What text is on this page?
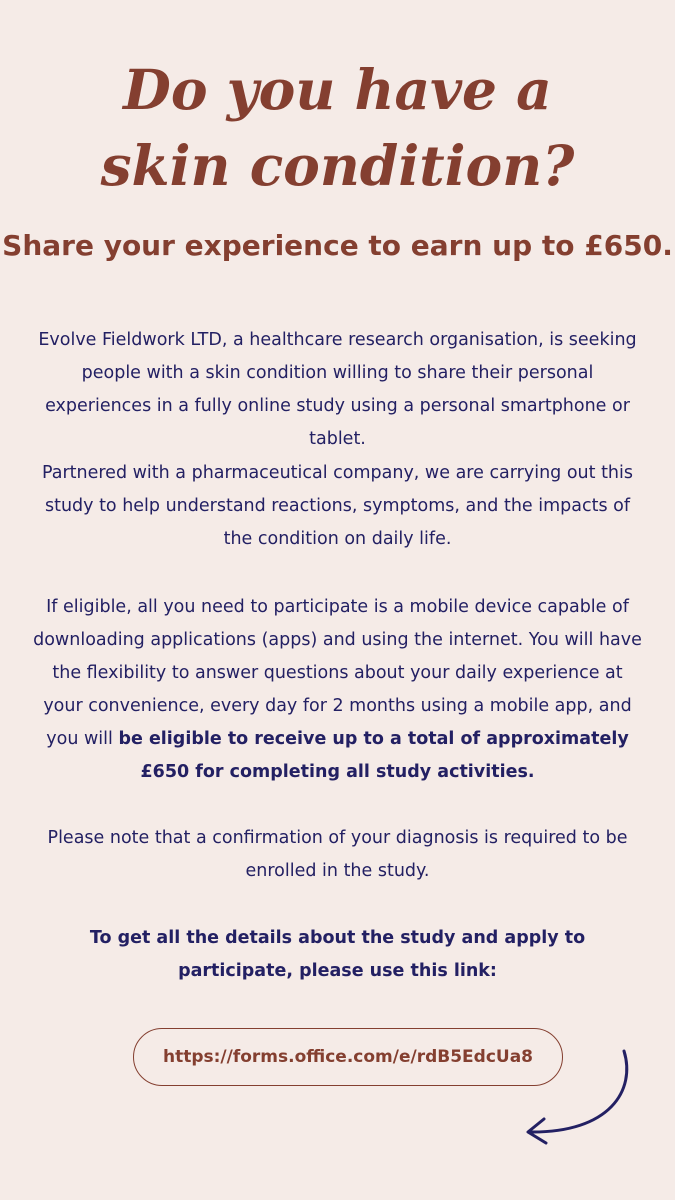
Do you have a
skin condition?
Share your experience to earn up to £650.

Evolve Fieldwork LTD, a healthcare research organisation, is seeking people with a skin condition willing to share their personal experiences in a fully online study using a personal smartphone or tablet.

Partnered with a pharmaceutical company, we are carrying out this study to help understand reactions, symptoms, and the impacts of the condition on daily life.

If eligible, all you need to participate is a mobile device capable of downloading applications (apps) and using the internet. You will have the flexibility to answer questions about your daily experience at your convenience, every day for 2 months using a mobile app, and you will be eligible to receive up to a total of approximately £650 for completing all study activities.

Please note that a confirmation of your diagnosis is required to be enrolled in the study.

To get all the details about the study and apply to participate, please use this link:

https://forms.office.com/e/rdB5EdcUa8
